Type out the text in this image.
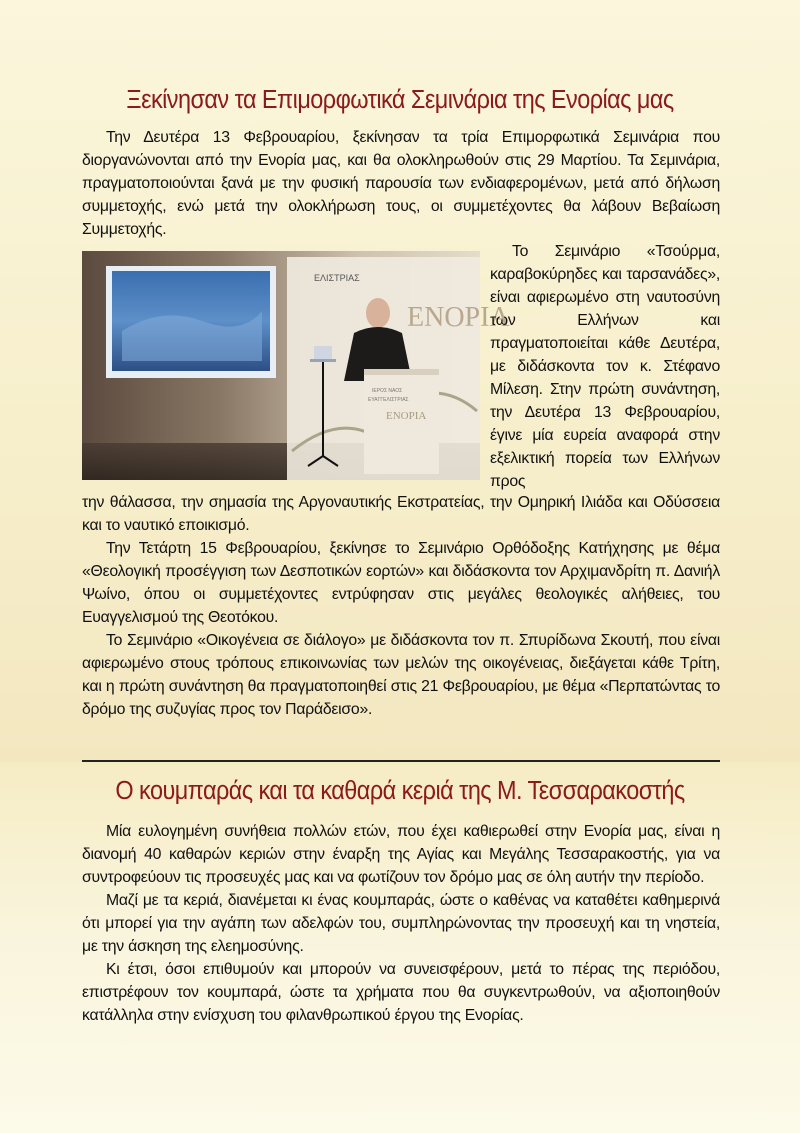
Ξεκίνησαν τα Επιμορφωτικά Σεμινάρια της Ενορίας μας

Την Δευτέρα 13 Φεβρουαρίου, ξεκίνησαν τα τρία Επιμορφωτικά Σεμινάρια που διοργανώνονται από την Ενορία μας, και θα ολοκληρωθούν στις 29 Μαρτίου. Τα Σεμινάρια, πραγματοποιούνται ξανά με την φυσική παρουσία των ενδιαφερομένων, μετά από δήλωση συμμετοχής, ενώ μετά την ολοκλήρωση τους, οι συμμετέχοντες θα λάβουν Βεβαίωση Συμμετοχής.

ΕΛΙΣΤΡΙΑΣ
ΕΝΟΡΙΑ
ΙΕΡΟΣ ΝΑΟΣ
ΕΥΑΓΓΕΛΙΣΤΡΙΑΣ
ΕΝΟΡΙΑ

Το Σεμινάριο «Τσούρμα, καραβοκύρηδες και ταρσανάδες», είναι αφιερωμένο στη ναυτοσύνη των Ελλήνων και πραγματοποιείται κάθε Δευτέρα, με διδάσκοντα τον κ. Στέφανο Μίλεση. Στην πρώτη συνάντηση, την Δευτέρα 13 Φεβρουαρίου, έγινε μία ευρεία αναφορά στην εξελικτική πορεία των Ελλήνων προς

την θάλασσα, την σημασία της Αργοναυτικής Εκστρατείας, την Ομηρική Ιλιάδα και Οδύσσεια και το ναυτικό εποικισμό.

Την Τετάρτη 15 Φεβρουαρίου, ξεκίνησε το Σεμινάριο Ορθόδοξης Κατήχησης με θέμα «Θεολογική προσέγγιση των Δεσποτικών εορτών» και διδάσκοντα τον Αρχιμανδρίτη π. Δανιήλ Ψωίνο, όπου οι συμμετέχοντες εντρύφησαν στις μεγάλες θεολογικές αλήθειες, του Ευαγγελισμού της Θεοτόκου.

Το Σεμινάριο «Οικογένεια σε διάλογο» με διδάσκοντα τον π. Σπυρίδωνα Σκουτή, που είναι αφιερωμένο στους τρόπους επικοινωνίας των μελών της οικογένειας, διεξάγεται κάθε Τρίτη, και η πρώτη συνάντηση θα πραγματοποιηθεί στις 21 Φεβρουαρίου, με θέμα «Περπατώντας το δρόμο της συζυγίας προς τον Παράδεισο».

Ο κουμπαράς και τα καθαρά κεριά της Μ. Τεσσαρακοστής

Μία ευλογημένη συνήθεια πολλών ετών, που έχει καθιερωθεί στην Ενορία μας, είναι η διανομή 40 καθαρών κεριών στην έναρξη της Αγίας και Μεγάλης Τεσσαρακοστής, για να συντροφεύουν τις προσευχές μας και να φωτίζουν τον δρόμο μας σε όλη αυτήν την περίοδο.

Μαζί με τα κεριά, διανέμεται κι ένας κουμπαράς, ώστε ο καθένας να καταθέτει καθημερινά ότι μπορεί για την αγάπη των αδελφών του, συμπληρώνοντας την προσευχή και τη νηστεία, με την άσκηση της ελεημοσύνης.

Κι έτσι, όσοι επιθυμούν και μπορούν να συνεισφέρουν, μετά το πέρας της περιόδου, επιστρέφουν τον κουμπαρά, ώστε τα χρήματα που θα συγκεντρωθούν, να αξιοποιηθούν κατάλληλα στην ενίσχυση του φιλανθρωπικού έργου της Ενορίας.
